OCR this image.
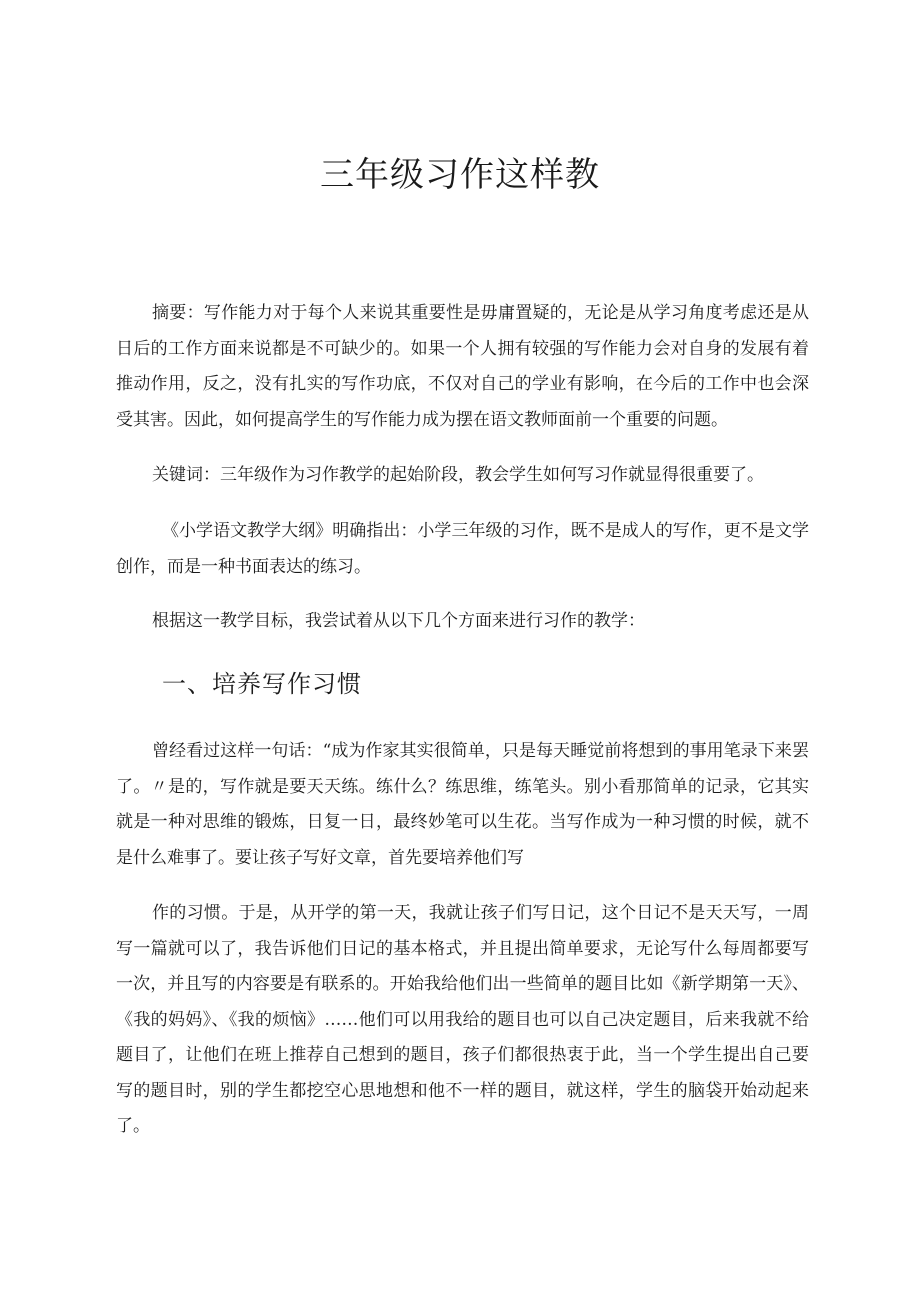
三年级习作这样教

摘要：写作能力对于每个人来说其重要性是毋庸置疑的，无论是从学习角度考虑还是从日后的工作方面来说都是不可缺少的。如果一个人拥有较强的写作能力会对自身的发展有着推动作用，反之，没有扎实的写作功底，不仅对自己的学业有影响，在今后的工作中也会深受其害。因此，如何提高学生的写作能力成为摆在语文教师面前一个重要的问题。

关键词：三年级作为习作教学的起始阶段，教会学生如何写习作就显得很重要了。

《小学语文教学大纲》明确指出：小学三年级的习作，既不是成人的写作，更不是文学创作，而是一种书面表达的练习。

根据这一教学目标，我尝试着从以下几个方面来进行习作的教学：

一、培养写作习惯

曾经看过这样一句话：“成为作家其实很简单，只是每天睡觉前将想到的事用笔录下来罢了。〃是的，写作就是要天天练。练什么？练思维，练笔头。别小看那简单的记录，它其实就是一种对思维的锻炼，日复一日，最终妙笔可以生花。当写作成为一种习惯的时候，就不是什么难事了。要让孩子写好文章，首先要培养他们写

作的习惯。于是，从开学的第一天，我就让孩子们写日记，这个日记不是天天写，一周写一篇就可以了，我告诉他们日记的基本格式，并且提出简单要求，无论写什么每周都要写一次，并且写的内容要是有联系的。开始我给他们出一些简单的题目比如《新学期第一天》、《我的妈妈》、《我的烦恼》……他们可以用我给的题目也可以自己决定题目，后来我就不给题目了，让他们在班上推荐自己想到的题目，孩子们都很热衷于此，当一个学生提出自己要写的题目时，别的学生都挖空心思地想和他不一样的题目，就这样，学生的脑袋开始动起来了。
